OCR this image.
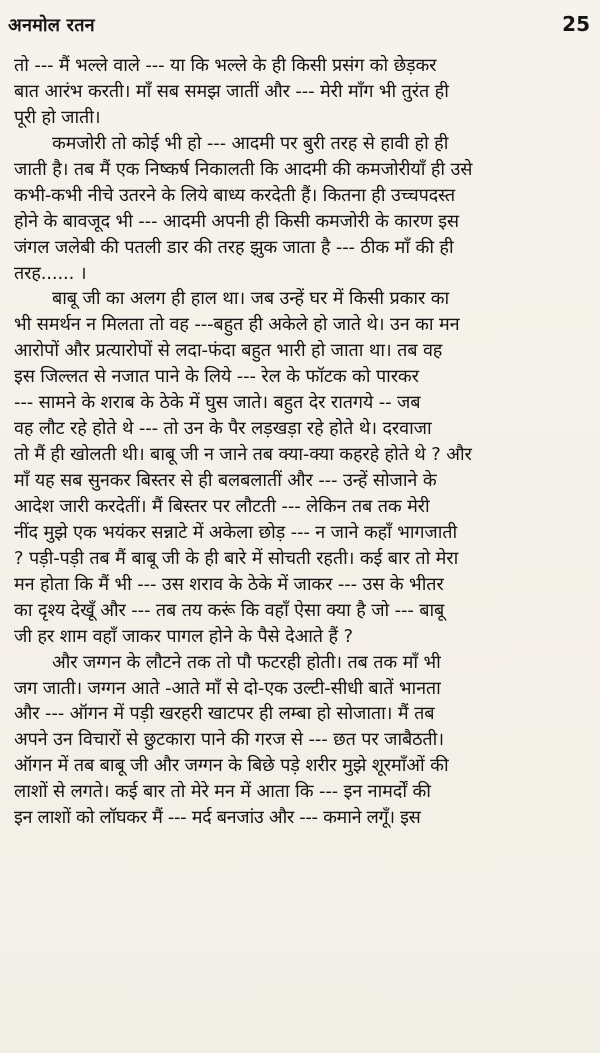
अनमोल रतन	25
तो --- मैं भल्ले वाले --- या कि भल्ले के ही किसी प्रसंग को छेड़कर
बात आरंभ करती। माँ सब समझ जातीं और --- मेरी माँग भी तुरंत ही
पूरी हो जाती।
कमजोरी तो कोई भी हो --- आदमी पर बुरी तरह से हावी हो ही
जाती है। तब मैं एक निष्कर्ष निकालती कि आदमी की कमजोरीयाँ ही उसे
कभी-कभी नीचे उतरने के लिये बाध्य करदेती हैं। कितना ही उच्चपदस्त
होने के बावजूद भी --- आदमी अपनी ही किसी कमजोरी के कारण इस
जंगल जलेबी की पतली डार की तरह झुक जाता है --- ठीक माँ की ही
तरह...... ।
बाबू जी का अलग ही हाल था। जब उन्हें घर में किसी प्रकार का
भी समर्थन न मिलता तो वह ---बहुत ही अकेले हो जाते थे। उन का मन
आरोपों और प्रत्यारोपों से लदा-फंदा बहुत भारी हो जाता था। तब वह
इस जिल्लत से नजात पाने के लिये --- रेल के फॉटक को पारकर
--- सामने के शराब के ठेके में घुस जाते। बहुत देर रातगये -- जब
वह लौट रहे होते थे --- तो उन के पैर लड़खड़ा रहे होते थे। दरवाजा
तो मैं ही खोलती थी। बाबू जी न जाने तब क्या-क्या कहरहे होते थे ? और
माँ यह सब सुनकर बिस्तर से ही बलबलातीं और --- उन्हें सोजाने के
आदेश जारी करदेतीं। मैं बिस्तर पर लौटती --- लेकिन तब तक मेरी
नींद मुझे एक भयंकर सन्नाटे में अकेला छोड़ --- न जाने कहाँ भागजाती
? पड़ी-पड़ी तब मैं बाबू जी के ही बारे में सोचती रहती। कई बार तो मेरा
मन होता कि मैं भी --- उस शराव के ठेके में जाकर --- उस के भीतर
का दृश्य देखूँ और --- तब तय करूं कि वहाँ ऐसा क्या है जो --- बाबू
जी हर शाम वहाँ जाकर पागल होने के पैसे देआते हैं ?
और जग्गन के लौटने तक तो पौ फटरही होती। तब तक माँ भी
जग जाती। जग्गन आते -आते माँ से दो-एक उल्टी-सीधी बातें भानता
और --- ऑगन में पड़ी खरहरी खाटपर ही लम्बा हो सोजाता। मैं तब
अपने उन विचारों से छुटकारा पाने की गरज से --- छत पर जाबैठती।
ऑगन में तब बाबू जी और जग्गन के बिछे पड़े शरीर मुझे शूरमाँओं की
लाशों से लगते। कई बार तो मेरे मन में आता कि --- इन नामर्दों की
इन लाशों को लॉघकर मैं --- मर्द बनजांउ और --- कमाने लगूँ। इस
